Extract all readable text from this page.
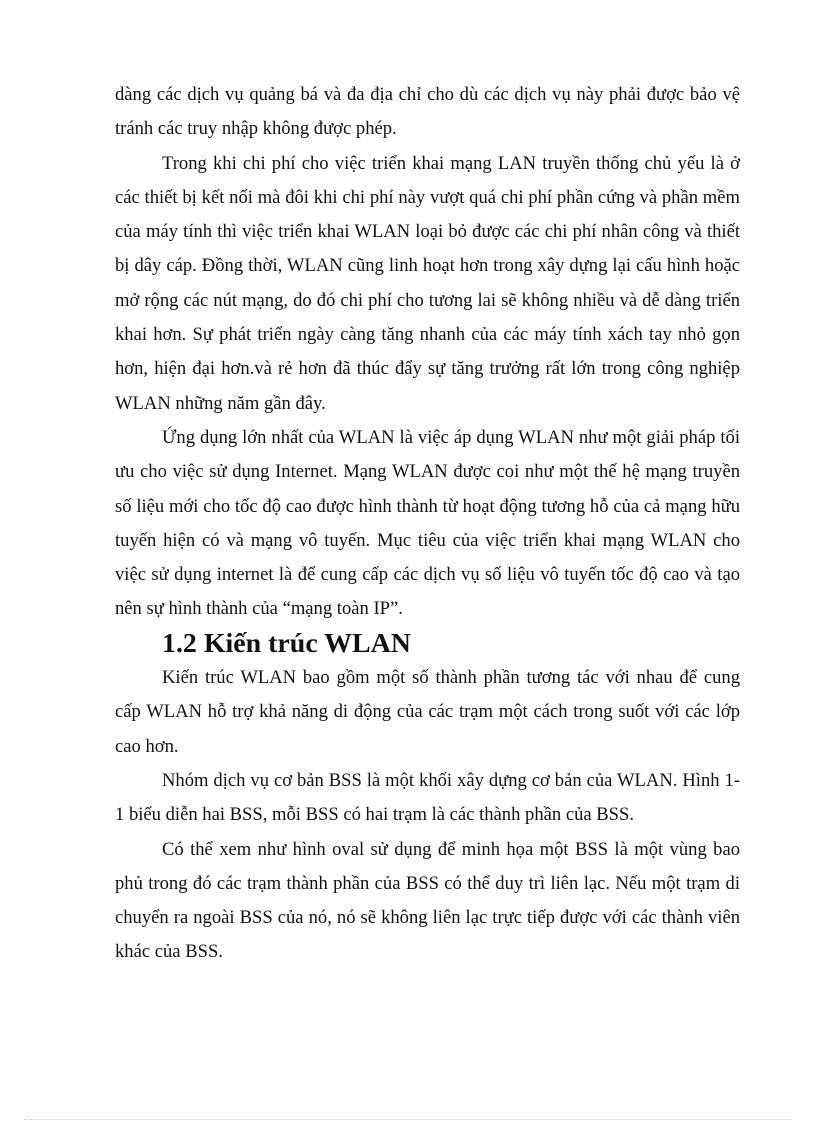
dàng các dịch vụ quảng bá và đa địa chỉ cho dù các dịch vụ này phải được bảo vệ tránh các truy nhập không được phép.

Trong khi chi phí cho việc triển khai mạng LAN truyền thống chủ yếu là ở các thiết bị kết nối mà đôi khi chi phí này vượt quá chi phí phần cứng và phần mềm của máy tính thì việc triển khai WLAN loại bỏ được các chi phí nhân công và thiết bị dây cáp. Đồng thời, WLAN cũng linh hoạt hơn trong xây dựng lại cấu hình hoặc mở rộng các nút mạng, do đó chi phí cho tương lai sẽ không nhiều và dễ dàng triển khai hơn. Sự phát triển ngày càng tăng nhanh của các máy tính xách tay nhỏ gọn hơn, hiện đại hơn.và rẻ hơn đã thúc đẩy sự tăng trưởng rất lớn trong công nghiệp WLAN những năm gần đây.

Ứng dụng lớn nhất của WLAN là việc áp dụng WLAN như một giải pháp tối ưu cho việc sử dụng Internet. Mạng WLAN được coi như một thế hệ mạng truyền số liệu mới cho tốc độ cao được hình thành từ hoạt động tương hỗ của cả mạng hữu tuyến hiện có và mạng vô tuyến. Mục tiêu của việc triển khai mạng WLAN cho việc sử dụng internet là để cung cấp các dịch vụ số liệu vô tuyến tốc độ cao và tạo nên sự hình thành của “mạng toàn IP”.

1.2 Kiến trúc WLAN

Kiến trúc WLAN bao gồm một số thành phần tương tác với nhau để cung cấp WLAN hỗ trợ khả năng di động của các trạm một cách trong suốt với các lớp cao hơn.

Nhóm dịch vụ cơ bản BSS là một khối xây dựng cơ bản của WLAN. Hình 1-1 biểu diễn hai BSS, mỗi BSS có hai trạm là các thành phần của BSS.

Có thể xem như hình oval sử dụng để minh họa một BSS là một vùng bao phủ trong đó các trạm thành phần của BSS có thể duy trì liên lạc. Nếu một trạm di chuyển ra ngoài BSS của nó, nó sẽ không liên lạc trực tiếp được với các thành viên khác của BSS.
